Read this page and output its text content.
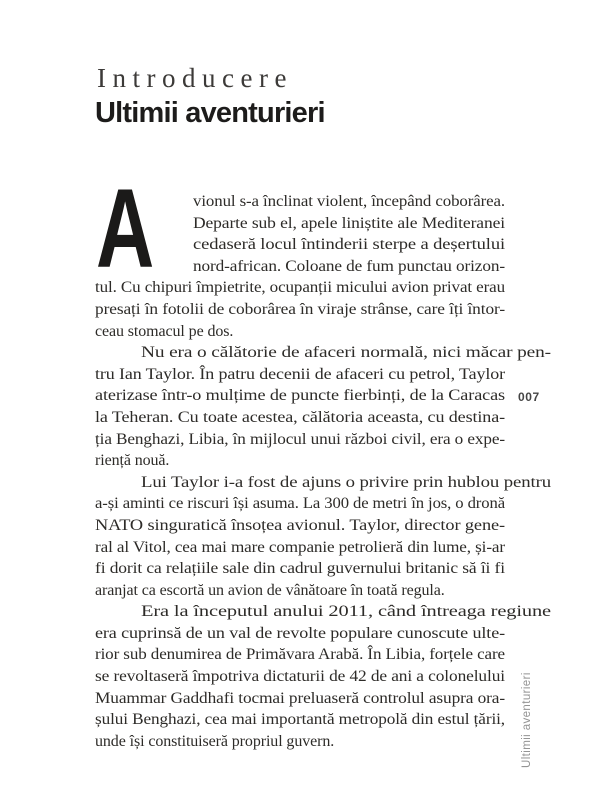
Introducere
Ultimii aventurieri
A vionul s-a înclinat violent, începând coborârea.
Departe sub el, apele liniștite ale Mediteranei
cedaseră locul întinderii sterpe a deșertului
nord-african. Coloane de fum punctau orizon-
tul. Cu chipuri împietrite, ocupanții micului avion privat erau
presați în fotolii de coborârea în viraje strânse, care îți întor-
ceau stomacul pe dos.
Nu era o călătorie de afaceri normală, nici măcar pen-
tru Ian Taylor. În patru decenii de afaceri cu petrol, Taylor
aterizase într-o mulțime de puncte fierbinți, de la Caracas
la Teheran. Cu toate acestea, călătoria aceasta, cu destina-
ția Benghazi, Libia, în mijlocul unui război civil, era o expe-
riență nouă.
Lui Taylor i-a fost de ajuns o privire prin hublou pentru
a-și aminti ce riscuri își asuma. La 300 de metri în jos, o dronă
NATO singuratică însoțea avionul. Taylor, director gene-
ral al Vitol, cea mai mare companie petrolieră din lume, și-ar
fi dorit ca relațiile sale din cadrul guvernului britanic să îi fi
aranjat ca escortă un avion de vânătoare în toată regula.
Era la începutul anului 2011, când întreaga regiune
era cuprinsă de un val de revolte populare cunoscute ulte-
rior sub denumirea de Primăvara Arabă. În Libia, forțele care
se revoltaseră împotriva dictaturii de 42 de ani a colonelului
Muammar Gaddhafi tocmai preluaseră controlul asupra ora-
șului Benghazi, cea mai importantă metropolă din estul țării,
unde își constituiseră propriul guvern.
007
Ultimii aventurieri
